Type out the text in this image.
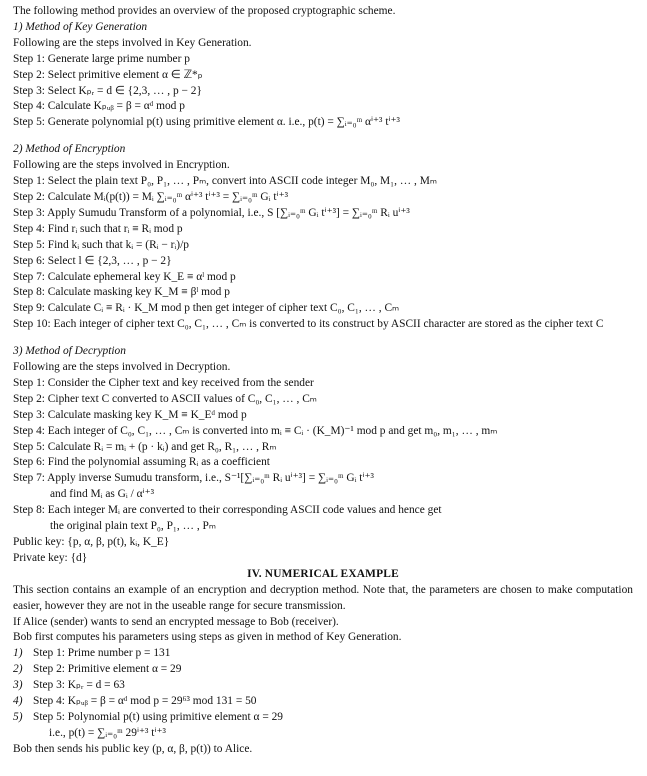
The following method provides an overview of the proposed cryptographic scheme.
1) Method of Key Generation
Following are the steps involved in Key Generation.
Step 1: Generate large prime number p
Step 2: Select primitive element α ∈ ℤ*ₚ
Step 3: Select Kₚᵣ = d ∈ {2,3, … , p − 2}
Step 4: Calculate Kₚᵤᵦ = β = αᵈ mod p
Step 5: Generate polynomial p(t) using primitive element α. i.e., p(t) = ∑ᵢ₌₀ᵐ αⁱ⁺³ tⁱ⁺³
2) Method of Encryption
Following are the steps involved in Encryption.
Step 1: Select the plain text P₀, P₁, … , Pₘ, convert into ASCII code integer M₀, M₁, … , Mₘ
Step 2: Calculate Mᵢ(p(t)) = Mᵢ ∑ᵢ₌₀ᵐ αⁱ⁺³ tⁱ⁺³ = ∑ᵢ₌₀ᵐ Gᵢ tⁱ⁺³
Step 3: Apply Sumudu Transform of a polynomial, i.e., S [∑ᵢ₌₀ᵐ Gᵢ tⁱ⁺³] = ∑ᵢ₌₀ᵐ Rᵢ uⁱ⁺³
Step 4: Find rᵢ such that rᵢ ≡ Rᵢ mod p
Step 5: Find kᵢ such that kᵢ = (Rᵢ − rᵢ)/p
Step 6: Select l ∈ {2,3, … , p − 2}
Step 7: Calculate ephemeral key K_E ≡ αˡ mod p
Step 8: Calculate masking key K_M ≡ βˡ mod p
Step 9: Calculate Cᵢ ≡ Rᵢ · K_M mod p then get integer of cipher text C₀, C₁, … , Cₘ
Step 10: Each integer of cipher text C₀, C₁, … , Cₘ is converted to its construct by ASCII character are stored as the cipher text C
3) Method of Decryption
Following are the steps involved in Decryption.
Step 1: Consider the Cipher text and key received from the sender
Step 2: Cipher text C converted to ASCII values of C₀, C₁, … , Cₘ
Step 3: Calculate masking key K_M ≡ K_Eᵈ mod p
Step 4: Each integer of C₀, C₁, … , Cₘ is converted into mᵢ ≡ Cᵢ · (K_M)⁻¹ mod p and get m₀, m₁, … , mₘ
Step 5: Calculate Rᵢ = mᵢ + (p · kᵢ) and get R₀, R₁, … , Rₘ
Step 6: Find the polynomial assuming Rᵢ as a coefficient
Step 7: Apply inverse Sumudu transform, i.e., S⁻¹[∑ᵢ₌₀ᵐ Rᵢ uⁱ⁺³] = ∑ᵢ₌₀ᵐ Gᵢ tⁱ⁺³
and find Mᵢ as Gᵢ / αⁱ⁺³
Step 8: Each integer Mᵢ are converted to their corresponding ASCII code values and hence get
the original plain text P₀, P₁, … , Pₘ
Public key: {p, α, β, p(t), kᵢ, K_E}
Private key: {d}
IV. NUMERICAL EXAMPLE
This section contains an example of an encryption and decryption method. Note that, the parameters are chosen to make computation easier, however they are not in the useable range for secure transmission.
If Alice (sender) wants to send an encrypted message to Bob (receiver).
Bob first computes his parameters using steps as given in method of Key Generation.
1) Step 1: Prime number p = 131
2) Step 2: Primitive element α = 29
3) Step 3: Kₚᵣ = d = 63
4) Step 4: Kₚᵤᵦ = β = αᵈ mod p = 29⁶³ mod 131 = 50
5) Step 5: Polynomial p(t) using primitive element α = 29
i.e., p(t) = ∑ᵢ₌₀ᵐ 29ⁱ⁺³ tⁱ⁺³
Bob then sends his public key (p, α, β, p(t)) to Alice.
